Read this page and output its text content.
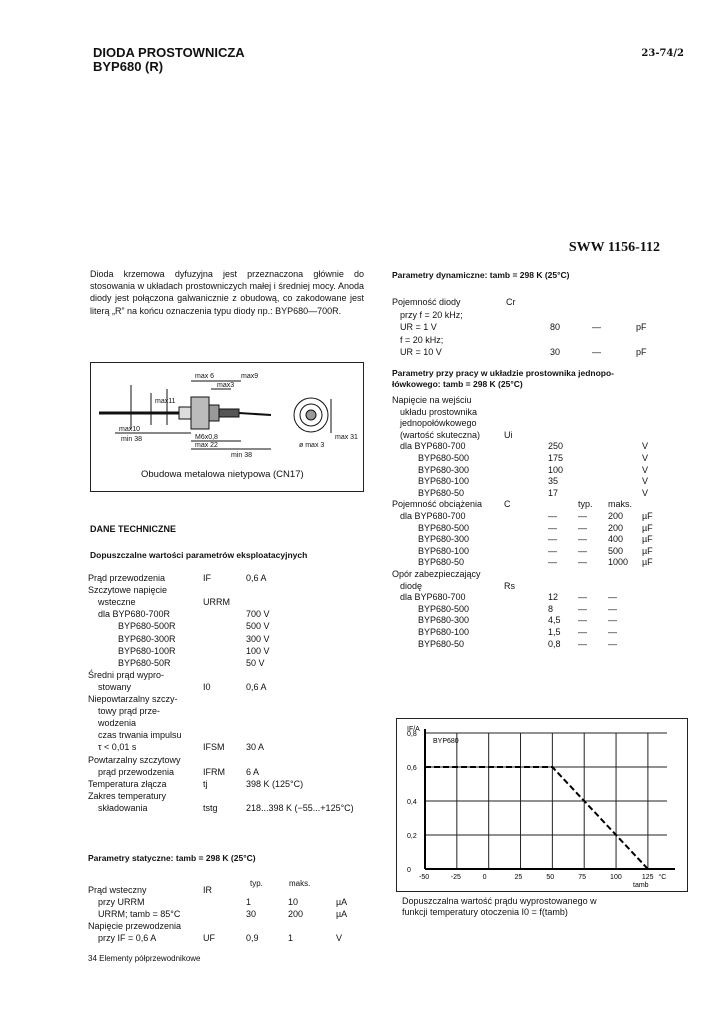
DIODA PROSTOWNICZA
BYP680 (R)
23-74/2
SWW 1156-112
Dioda krzemowa dyfuzyjna jest przeznaczona głównie do stosowania w układach prostowniczych małej i średniej mocy. Anoda diody jest połączona galwanicznie z obudową, co zakodowane jest literą „R” na końcu oznaczenia typu diody np.: BYP680—700R.
max10
max 6
max3
max9
M6x0,8
max 22
min 38
min 38
max11
ø max 3
max 31
Obudowa metalowa nietypowa (CN17)
DANE TECHNICZNE
Dopuszczalne wartości parametrów eksploatacyjnych
Prąd przewodzenia	IF	0,6 A
Szczytowe napięcie
wsteczne	URRM
dla BYP680-700R	700 V
BYP680-500R	500 V
BYP680-300R	300 V
BYP680-100R	100 V
BYP680-50R	50 V
Średni prąd wypro-
stowany	I0	0,6 A
Niepowtarzalny szczy-
towy prąd prze-
wodzenia
czas trwania impulsu
τ < 0,01 s	IFSM 30 A
Powtarzalny szczytowy
prąd przewodzenia	IFRM 6 A
Temperatura złącza	tj	398 K (125°C)
Zakres temperatury
składowania	tstg	218...398 K (−55...+125°C)
Parametry statyczne: tamb = 298 K (25°C)
typ.	maks.
Prąd wsteczny	IR
przy URRM	1	10	µA
URRM; tamb = 85°C	30	200	µA
Napięcie przewodzenia
przy IF = 0,6 A	UF	0,9	1	V
34 Elementy półprzewodnikowe
Parametry dynamiczne: tamb = 298 K (25°C)
Pojemność diody	Cr
przy f = 20 kHz;
UR = 1 V	80	—	pF
f = 20 kHz;
UR = 10 V	30	—	pF
Parametry przy pracy w układzie prostownika jednopo-
łówkowego: tamb = 298 K (25°C)
Napięcie na wejściu
układu prostownika
jednopołówkowego
(wartość skuteczna)	Ui
dla BYP680-700	250	V
BYP680-500	175	V
BYP680-300	100	V
BYP680-100	35	V
BYP680-50	17	V
Pojemność obciążenia C	typ. maks.
dla BYP680-700	— — 200 µF
BYP680-500	— — 200 µF
BYP680-300	— — 400 µF
BYP680-100	— — 500 µF
BYP680-50	— — 1000 µF
Opór zabezpieczający
diodę	Rs
dla BYP680-700	12 — —
BYP680-500	8	— —
BYP680-300	4,5 — —
BYP680-100	1,5 — —
BYP680-50	0,8 — —
0,8
0,6
0,4
0,2
0
-50	-25	0	25	50	75	100	125 °C
IF/A
BYP680
tamb
Dopuszczalna wartość prądu wyprostowanego w
funkcji temperatury otoczenia I0 = f(tamb)
